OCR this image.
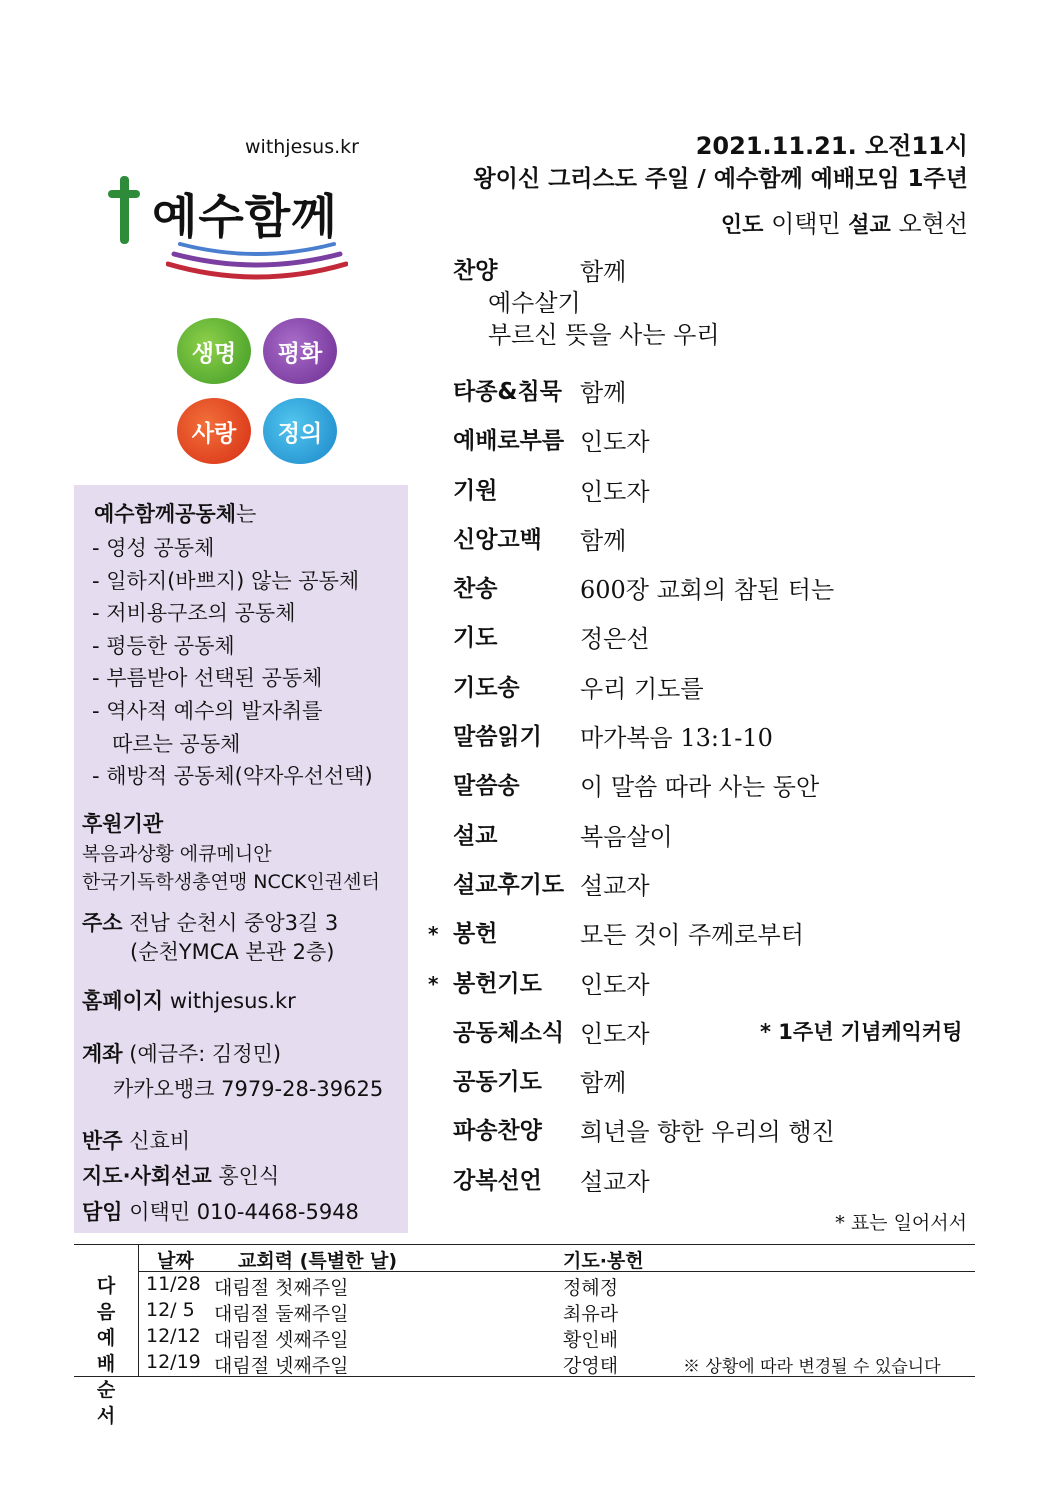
withjesus.kr
예수함께
생명	평화
사랑	정의
예수함께공동체는
- 영성 공동체
- 일하지(바쁘지) 않는 공동체
- 저비용구조의 공동체
- 평등한 공동체
- 부름받아 선택된 공동체
- 역사적 예수의 발자취를
따르는 공동체
- 해방적 공동체(약자우선선택)
후원기관
복음과상황 에큐메니안
한국기독학생총연맹 NCCK인권센터
주소 전남 순천시 중앙3길 3
(순천YMCA 본관 2층)
홈페이지 withjesus.kr
계좌 (예금주: 김정민)
카카오뱅크 7979-28-39625
반주 신효비
지도·사회선교 홍인식
담임 이택민 010-4468-5948
2021.11.21. 오전11시
왕이신 그리스도 주일 / 예수함께 예배모임 1주년
인도 이택민 설교 오현선
찬양	함께
예수살기
부르신 뜻을 사는 우리
타종&침묵 함께
예배로부름 인도자
기원	인도자
신앙고백 함께
찬송	600장 교회의 참된 터는
기도	정은선
기도송	우리 기도를
말씀읽기 마가복음 13:1-10
말씀송	이 말씀 따라 사는 동안
설교	복음살이
설교후기도 설교자
* 봉헌	모든 것이 주께로부터
* 봉헌기도 인도자
공동체소식 인도자	* 1주년 기념케익커팅
공동기도 함께
파송찬양 희년을 향한 우리의 행진
강복선언 설교자
* 표는 일어서서
다음
예배
순서
날짜 교회력 (특별한 날)	기도·봉헌
11/28 대림절 첫째주일	정혜정
12/ 5 대림절 둘째주일	최유라
12/12 대림절 셋째주일	황인배
12/19 대림절 넷째주일	강영태	※ 상황에 따라 변경될 수 있습니다
